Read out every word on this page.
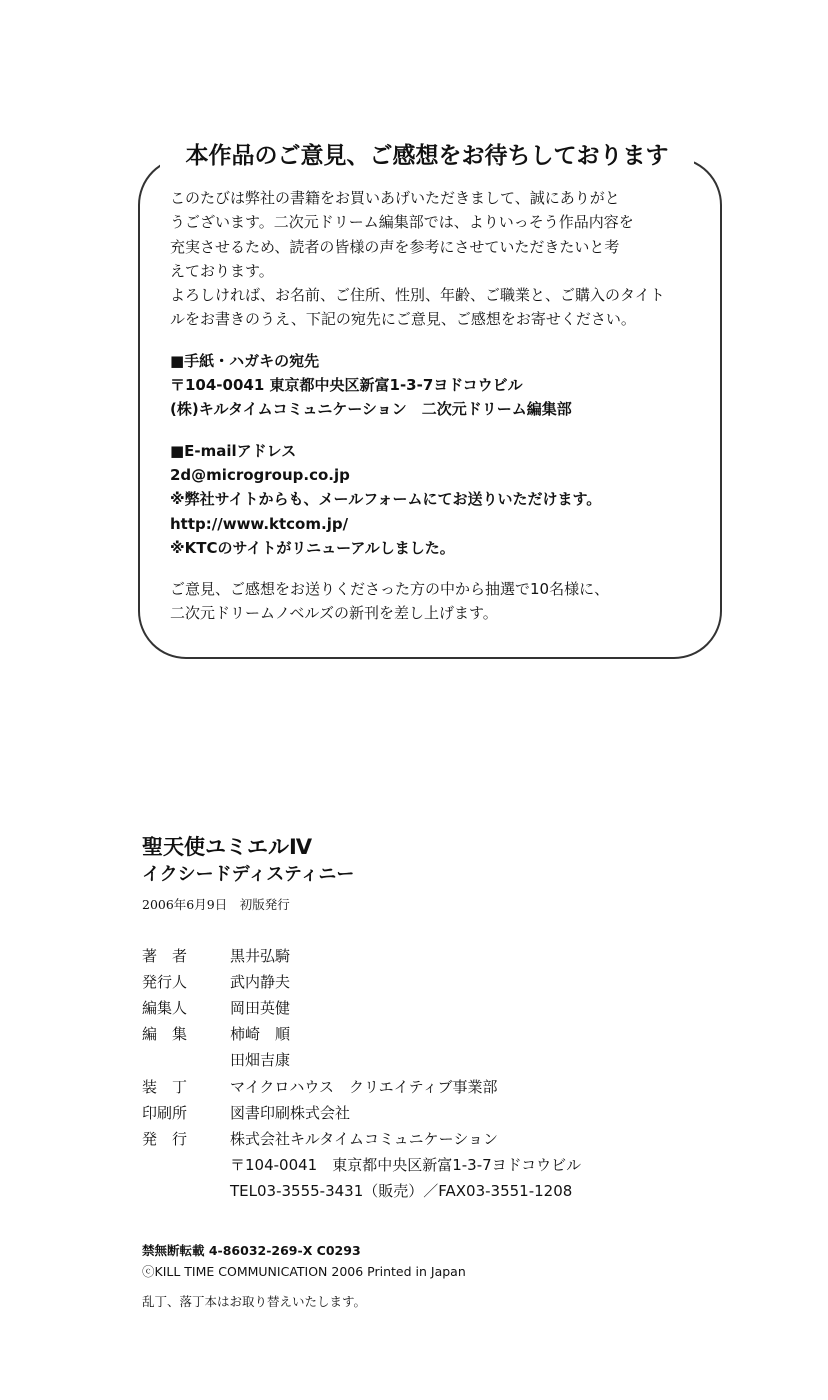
本作品のご意見、ご感想をお待ちしております
このたびは弊社の書籍をお買いあげいただきまして、誠にありがと
うございます。二次元ドリーム編集部では、よりいっそう作品内容を
充実させるため、読者の皆様の声を参考にさせていただきたいと考
えております。
よろしければ、お名前、ご住所、性別、年齢、ご職業と、ご購入のタイト
ルをお書きのうえ、下記の宛先にご意見、ご感想をお寄せください。
■手紙・ハガキの宛先
〒104-0041 東京都中央区新富1-3-7ヨドコウビル
(株)キルタイムコミュニケーション　二次元ドリーム編集部
■E-mailアドレス
2d@microgroup.co.jp
※弊社サイトからも、メールフォームにてお送りいただけます。
http://www.ktcom.jp/
※KTCのサイトがリニューアルしました。
ご意見、ご感想をお送りくださった方の中から抽選で10名様に、
二次元ドリームノベルズの新刊を差し上げます。
聖天使ユミエルⅣ
イクシードディスティニー
2006年6月9日　初版発行
著　者	黒井弘騎
発行人	武内静夫
編集人	岡田英健
編　集	柿崎　順
田畑吉康
装　丁	マイクロハウス　クリエイティブ事業部
印刷所	図書印刷株式会社
発　行	株式会社キルタイムコミュニケーション
〒104-0041　東京都中央区新富1-3-7ヨドコウビル
TEL03-3555-3431（販売）／FAX03-3551-1208
禁無断転載 4-86032-269-X C0293
ⓒKILL TIME COMMUNICATION 2006 Printed in Japan
乱丁、落丁本はお取り替えいたします。
